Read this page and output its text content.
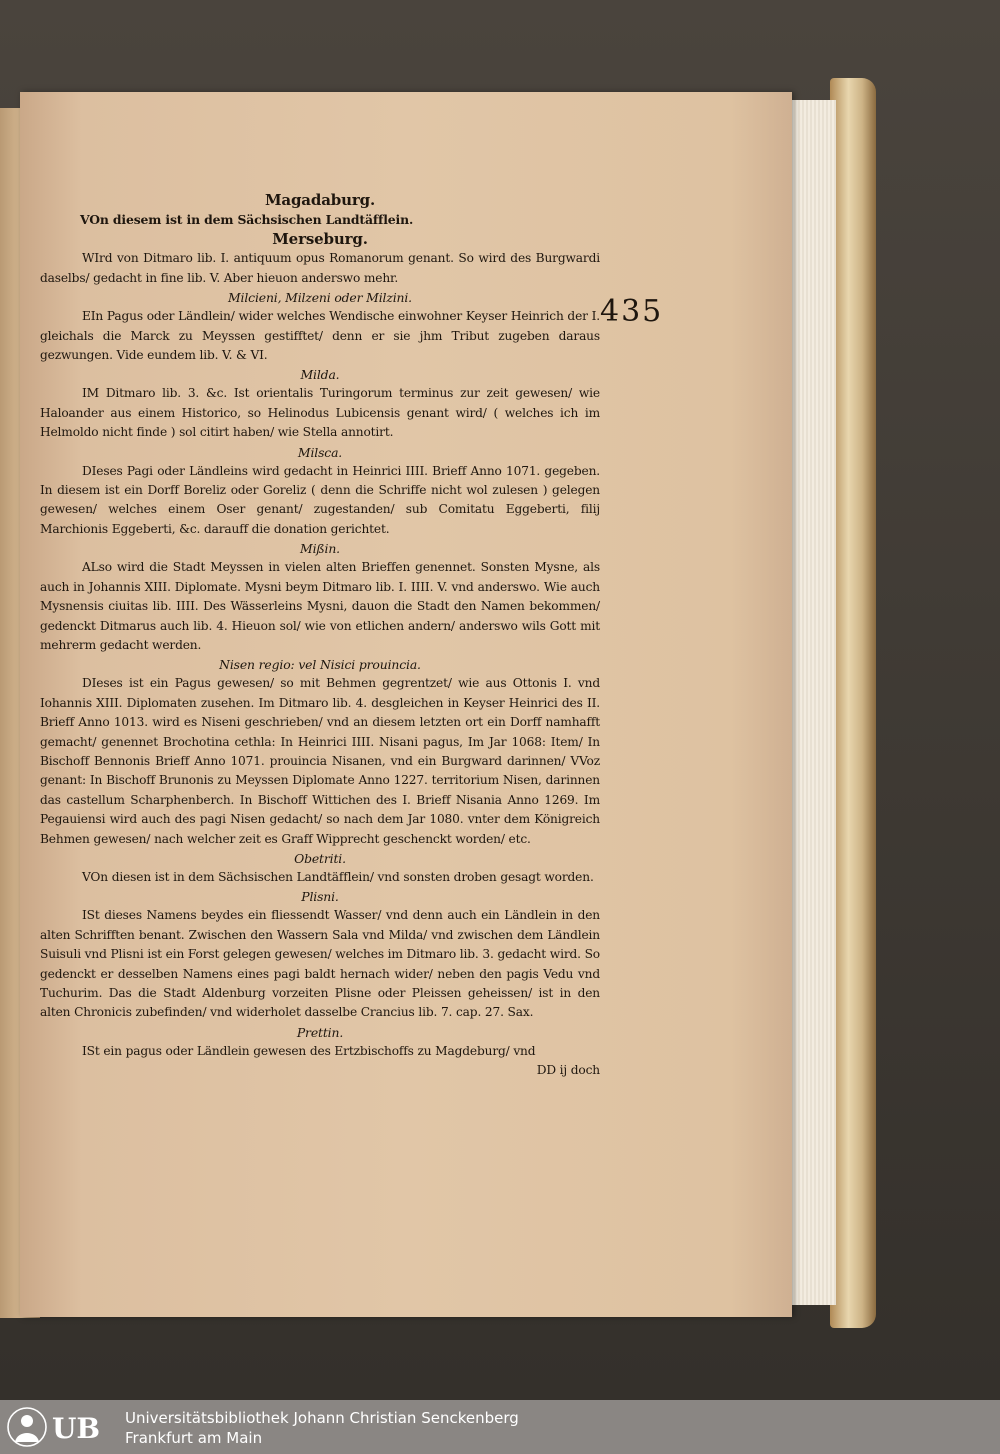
435

Magadaburg.

VOn diesem ist in dem Sächsischen Landtäfflein.

Merseburg.

WIrd von Ditmaro lib. I. antiquum opus Romanorum genant. So wird des Burgwardi daselbs/ gedacht in fine lib. V. Aber hieuon anderswo mehr.

Milcieni, Milzeni oder Milzini.

EIn Pagus oder Ländlein/ wider welches Wendische einwohner Keyser Heinrich der I. gleichals die Marck zu Meyssen gestifftet/ denn er sie jhm Tribut zugeben daraus gezwungen. Vide eundem lib. V. & VI.

Milda.

IM Ditmaro lib. 3. &c. Ist orientalis Turingorum terminus zur zeit gewesen/ wie Haloander aus einem Historico, so Helinodus Lubicensis genant wird/ ( welches ich im Helmoldo nicht finde ) sol citirt haben/ wie Stella annotirt.

Milsca.

DIeses Pagi oder Ländleins wird gedacht in Heinrici IIII. Brieff Anno 1071. gegeben. In diesem ist ein Dorff Boreliz oder Goreliz ( denn die Schriffe nicht wol zulesen ) gelegen gewesen/ welches einem Oser genant/ zugestanden/ sub Comitatu Eggeberti, filij Marchionis Eggeberti, &c. darauff die donation gerichtet.

Mißin.

ALso wird die Stadt Meyssen in vielen alten Brieffen genennet. Sonsten Mysne, als auch in Johannis XIII. Diplomate. Mysni beym Ditmaro lib. I. IIII. V. vnd anderswo. Wie auch Mysnensis ciuitas lib. IIII. Des Wässerleins Mysni, dauon die Stadt den Namen bekommen/ gedenckt Ditmarus auch lib. 4. Hieuon sol/ wie von etlichen andern/ anderswo wils Gott mit mehrerm gedacht werden.

Nisen regio: vel Nisici prouincia.

DIeses ist ein Pagus gewesen/ so mit Behmen gegrentzet/ wie aus Ottonis I. vnd Iohannis XIII. Diplomaten zusehen. Im Ditmaro lib. 4. desgleichen in Keyser Heinrici des II. Brieff Anno 1013. wird es Niseni geschrieben/ vnd an diesem letzten ort ein Dorff namhafft gemacht/ genennet Brochotina cethla: In Heinrici IIII. Nisani pagus, Im Jar 1068: Item/ In Bischoff Bennonis Brieff Anno 1071. prouincia Nisanen, vnd ein Burgward darinnen/ VVoz genant: In Bischoff Brunonis zu Meyssen Diplomate Anno 1227. territorium Nisen, darinnen das castellum Scharphenberch. In Bischoff Wittichen des I. Brieff Nisania Anno 1269. Im Pegauiensi wird auch des pagi Nisen gedacht/ so nach dem Jar 1080. vnter dem Königreich Behmen gewesen/ nach welcher zeit es Graff Wipprecht geschenckt worden/ etc.

Obetriti.

VOn diesen ist in dem Sächsischen Landtäfflein/ vnd sonsten droben gesagt worden.

Plisni.

ISt dieses Namens beydes ein fliessendt Wasser/ vnd denn auch ein Ländlein in den alten Schrifften benant. Zwischen den Wassern Sala vnd Milda/ vnd zwischen dem Ländlein Suisuli vnd Plisni ist ein Forst gelegen gewesen/ welches im Ditmaro lib. 3. gedacht wird. So gedenckt er desselben Namens eines pagi baldt hernach wider/ neben den pagis Vedu vnd Tuchurim. Das die Stadt Aldenburg vorzeiten Plisne oder Pleissen geheissen/ ist in den alten Chronicis zubefinden/ vnd widerholet dasselbe Crancius lib. 7. cap. 27. Sax.

Prettin.

ISt ein pagus oder Ländlein gewesen des Ertzbischoffs zu Magdeburg/ vnd

DD ij doch

UB Universitätsbibliothek Johann Christian Senckenberg
Frankfurt am Main
